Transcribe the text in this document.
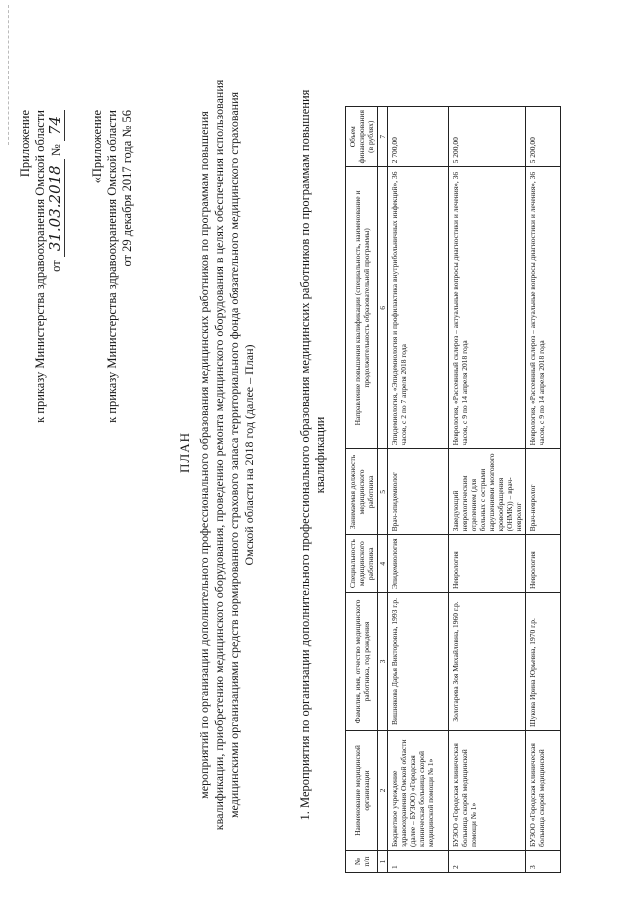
Приложение к приказу Министерства здравоохранения Омской области от 31.03.2018 № 74 «Приложение к приказу Министерства здравоохранения Омской области от 29 декабря 2017 года № 56
ПЛАН мероприятий по организации дополнительного профессионального образования медицинских работников по программам повышения квалификации, приобретению медицинского оборудования, проведению ремонта медицинского оборудования в целях обеспечения использования медицинскими организациями средств нормированного страхового запаса территориального фонда обязательного медицинского страхования Омской области на 2018 год (далее – План)	1. Мероприятия по организации дополнительного профессионального образования медицинских работников по программам повышения квалификации
№ п/п	Наименование медицинской организации	Фамилия, имя, отчество медицинского работника, год рождения	Специальность медицинского работника	Занимаемая должность медицинского работника	Направление повышения квалификации (специальность, наименование и продолжительность образовательной программы)	Объем финансирования (в рублях)
1	2	3	4	5	6	7
1	Бюджетное учреждение здравоохранения Омской области (далее – БУЗОО) «Городская клиническая больница скорой медицинской помощи № 1»	Вишнякова Дарья Викторовна, 1993 г.р.	Эпидемиология	Врач-эпидемиолог	Эпидемиология, «Эпидемиология и профилактика внутрибольничных инфекций», 36 часов, с 2 по 7 апреля 2018 года	2 700,00
2	БУЗОО «Городская клиническая больница скорой медицинской помощи № 1»	Золотарева Зоя Михайловна, 1960 г.р.	Неврология	Заведующий неврологическим отделением (для больных с острыми нарушениями мозгового кровообращения (ОНМК)) – врач-невролог	Неврология, «Рассеянный склероз – актуальные вопросы диагностики и лечения», 36 часов, с 9 по 14 апреля 2018 года	5 200,00
3	БУЗОО «Городская клиническая больница скорой медицинской	Шукова Ирина Юрьевна, 1970 г.р.	Неврология	Врач-невролог	Неврология, «Рассеянный склероз – актуальные вопросы диагностики и лечения», 36 часов, с 9 по 14 апреля 2018 года	5 200,00
